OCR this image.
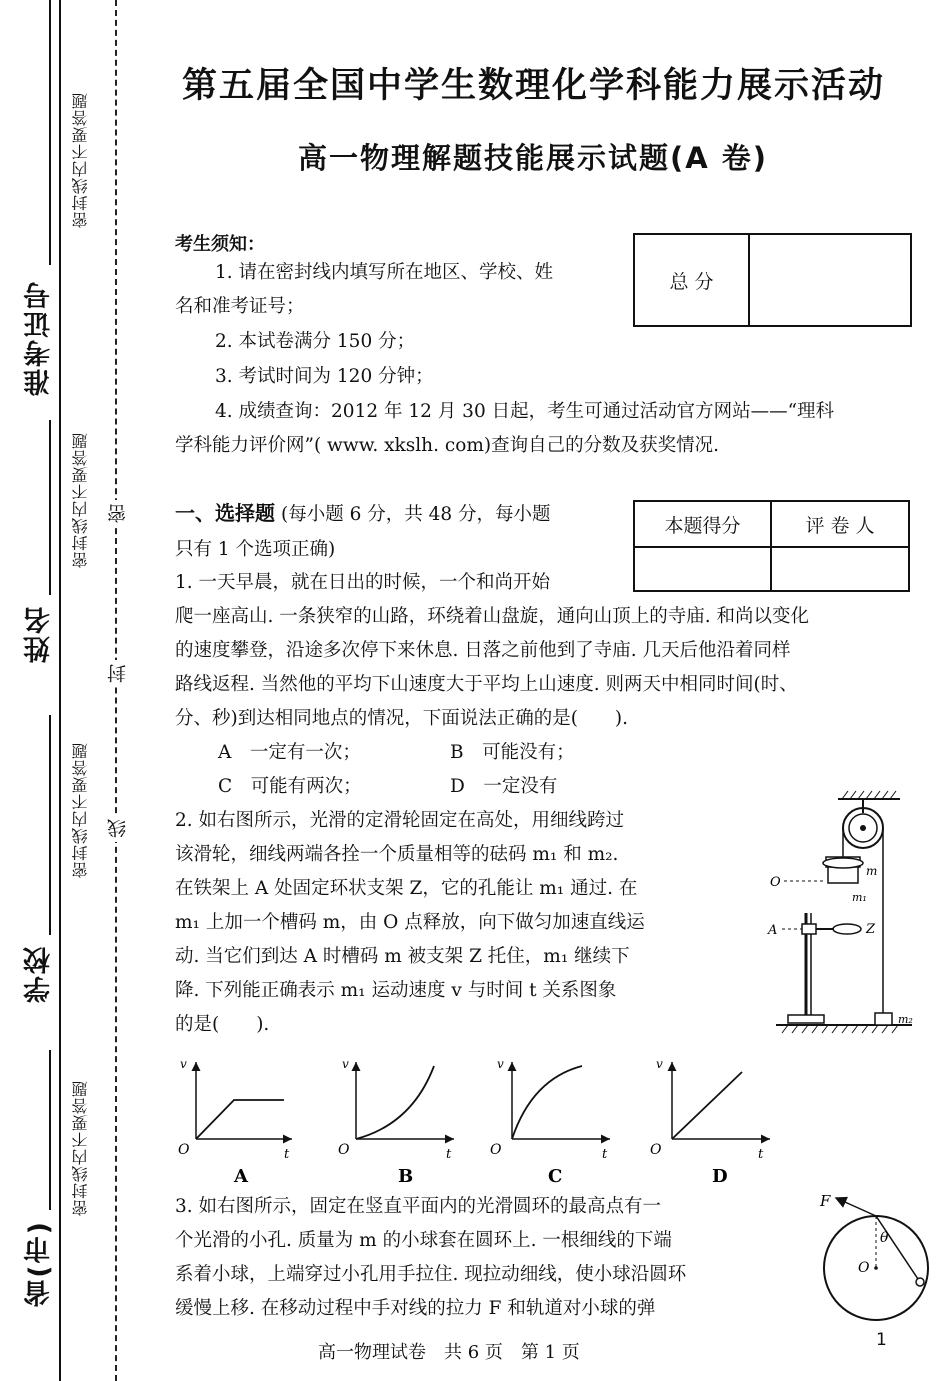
准考证号
姓名
学校
省(市)
密封线内不要答题
密封线内不要答题
密封线内不要答题
密封线内不要答题
密
封
线
第五届全国中学生数理化学科能力展示活动
高一物理解题技能展示试题(A 卷)
考生须知：
1. 请在密封线内填写所在地区、学校、姓
名和准考证号；
2. 本试卷满分 150 分；
3. 考试时间为 120 分钟；
4. 成绩查询：2012 年 12 月 30 日起，考生可通过活动官方网站——“理科
学科能力评价网”( www. xkslh. com)查询自己的分数及获奖情况.
总 分	
一、选择题 (每小题 6 分，共 48 分，每小题
只有 1 个选项正确)
本题得分	评 卷 人

1. 一天早晨，就在日出的时候，一个和尚开始
爬一座高山. 一条狭窄的山路，环绕着山盘旋，通向山顶上的寺庙. 和尚以变化
的速度攀登，沿途多次停下来休息. 日落之前他到了寺庙. 几天后他沿着同样
路线返程. 当然他的平均下山速度大于平均上山速度. 则两天中相同时间(时、
分、秒)到达相同地点的情况，下面说法正确的是(　　).
A　一定有一次；	B　可能没有；
C　可能有两次；	D　一定没有
2. 如右图所示，光滑的定滑轮固定在高处，用细线跨过
该滑轮，细线两端各拴一个质量相等的砝码 m₁ 和 m₂.
在铁架上 A 处固定环状支架 Z，它的孔能让 m₁ 通过. 在
m₁ 上加一个槽码 m，由 O 点释放，向下做匀加速直线运
动. 当它们到达 A 时槽码 m 被支架 Z 托住，m₁ 继续下
降. 下列能正确表示 m₁ 运动速度 v 与时间 t 关系图象
的是(　　).
O
A
m
m₁
Z
m₂
O
v
t
A
O
v
t
B
O
v
t
C
O
v
t
D
3. 如右图所示，固定在竖直平面内的光滑圆环的最高点有一
个光滑的小孔. 质量为 m 的小球套在圆环上. 一根细线的下端
系着小球，上端穿过小孔用手拉住. 现拉动细线，使小球沿圆环
缓慢上移. 在移动过程中手对线的拉力 F 和轨道对小球的弹
F
θ
O
高一物理试卷　共 6 页　第 1 页
1
